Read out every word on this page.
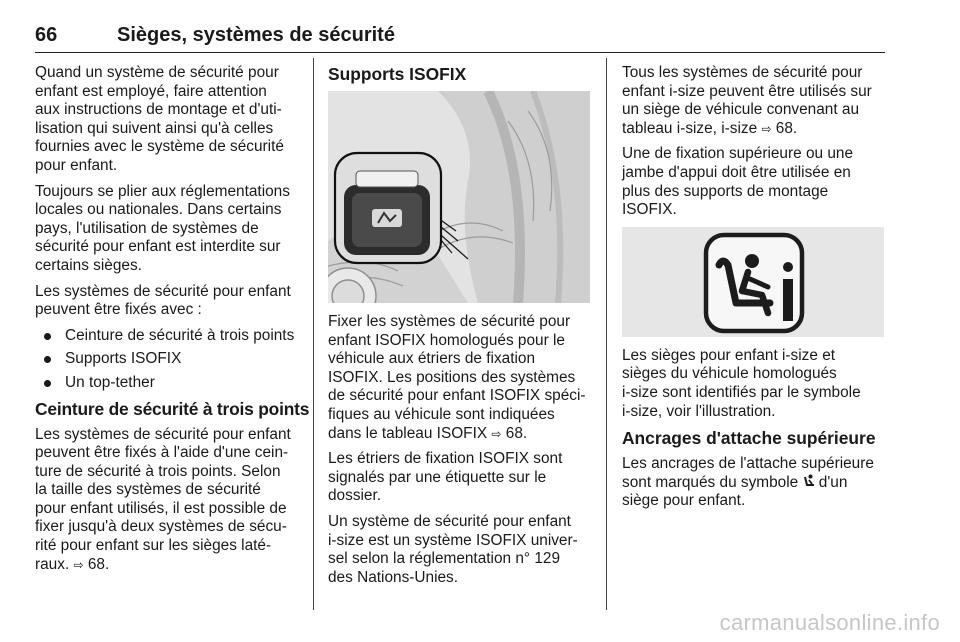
66	Sièges, systèmes de sécurité

Quand un système de sécurité pour
enfant est employé, faire attention
aux instructions de montage et d'uti-
lisation qui suivent ainsi qu'à celles
fournies avec le système de sécurité
pour enfant.

Toujours se plier aux réglementations
locales ou nationales. Dans certains
pays, l'utilisation de systèmes de
sécurité pour enfant est interdite sur
certains sièges.

Les systèmes de sécurité pour enfant
peuvent être fixés avec :

Ceinture de sécurité à trois points
Supports ISOFIX
Un top-tether
Ceinture de sécurité à trois points

Les systèmes de sécurité pour enfant
peuvent être fixés à l'aide d'une cein-
ture de sécurité à trois points. Selon
la taille des systèmes de sécurité
pour enfant utilisés, il est possible de
fixer jusqu'à deux systèmes de sécu-
rité pour enfant sur les sièges laté-
raux. ⇨ 68.

Supports ISOFIX

Fixer les systèmes de sécurité pour
enfant ISOFIX homologués pour le
véhicule aux étriers de fixation
ISOFIX. Les positions des systèmes
de sécurité pour enfant ISOFIX spéci-
fiques au véhicule sont indiquées
dans le tableau ISOFIX ⇨ 68.

Les étriers de fixation ISOFIX sont
signalés par une étiquette sur le
dossier.

Un système de sécurité pour enfant
i-size est un système ISOFIX univer-
sel selon la réglementation n° 129
des Nations-Unies.

Tous les systèmes de sécurité pour
enfant i-size peuvent être utilisés sur
un siège de véhicule convenant au
tableau i-size, i-size ⇨ 68.

Une de fixation supérieure ou une
jambe d'appui doit être utilisée en
plus des supports de montage
ISOFIX.

Les sièges pour enfant i-size et
sièges du véhicule homologués
i-size sont identifiés par le symbole
i-size, voir l'illustration.

Ancrages d'attache supérieure

Les ancrages de l'attache supérieure
sont marqués du symbole d'un
siège pour enfant.

carmanualsonline.info
